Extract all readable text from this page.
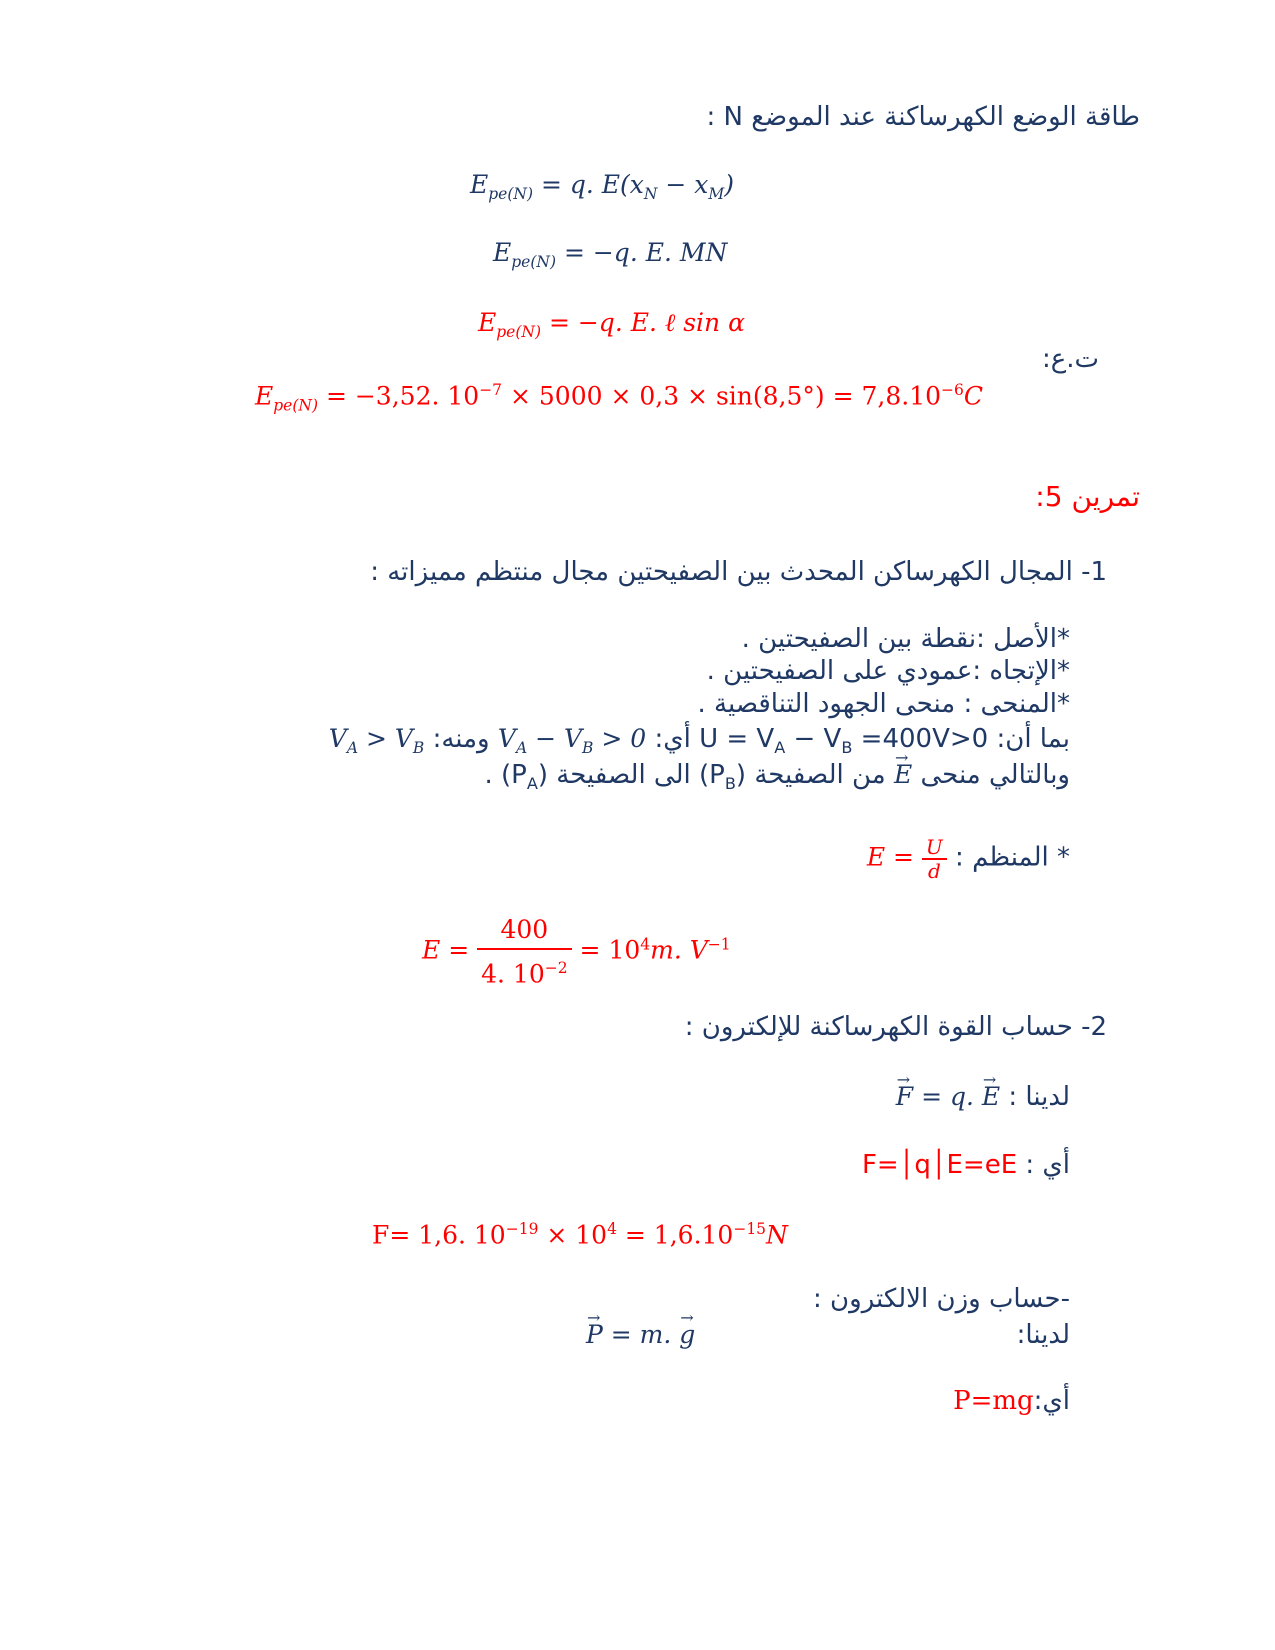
طاقة الوضع الكهرساكنة عند الموضع N :
$E_{pe(N)} = q$. $E(x_N - x_M)$
$E_{pe(N)} = -q$. E. MN
$E_{pe(N)} = -q$. E. ℓ sin α
ت.ع:
$E_{pe(N)} = -3,52$. $10^{-7} \times 5000 \times 0,3 \times \sin(8,5^\circ) = 7,8.10^{-6}C$
تمرين 5:
1- المجال الكهرساكن المحدث بين الصفيحتين مجال منتظم مميزاته :
*الأصل :نقطة بين الصفيحتين .
*الإتجاه :عمودي على الصفيحتين .
*المنحى : منحى الجهود التناقصية .
بما أن: $U = V_A - V_B =400V>0$ أي: $V_A - V_B > 0$ ومنه: $V_A > V_B$
وبالتالي منحى → E من الصفيحة $(P_B)$ الى الصفيحة $(P_A)$ .
* المنظم : $E = \frac{U}{d}$
$E = \frac{400}{4. 10^{-2}} = 10^4m$. $V^{-1}$
2- حساب القوة الكهرساكنة للإلكترون :
لدينا : → F = q. → E
أي : F=│q│E=eE
F= 1,6. $10^{-19} \times 10^4 = 1,6.10^{-15}N$
-حساب وزن الالكترون :
لدينا:
→ P = m. → g
أي:P=mg
